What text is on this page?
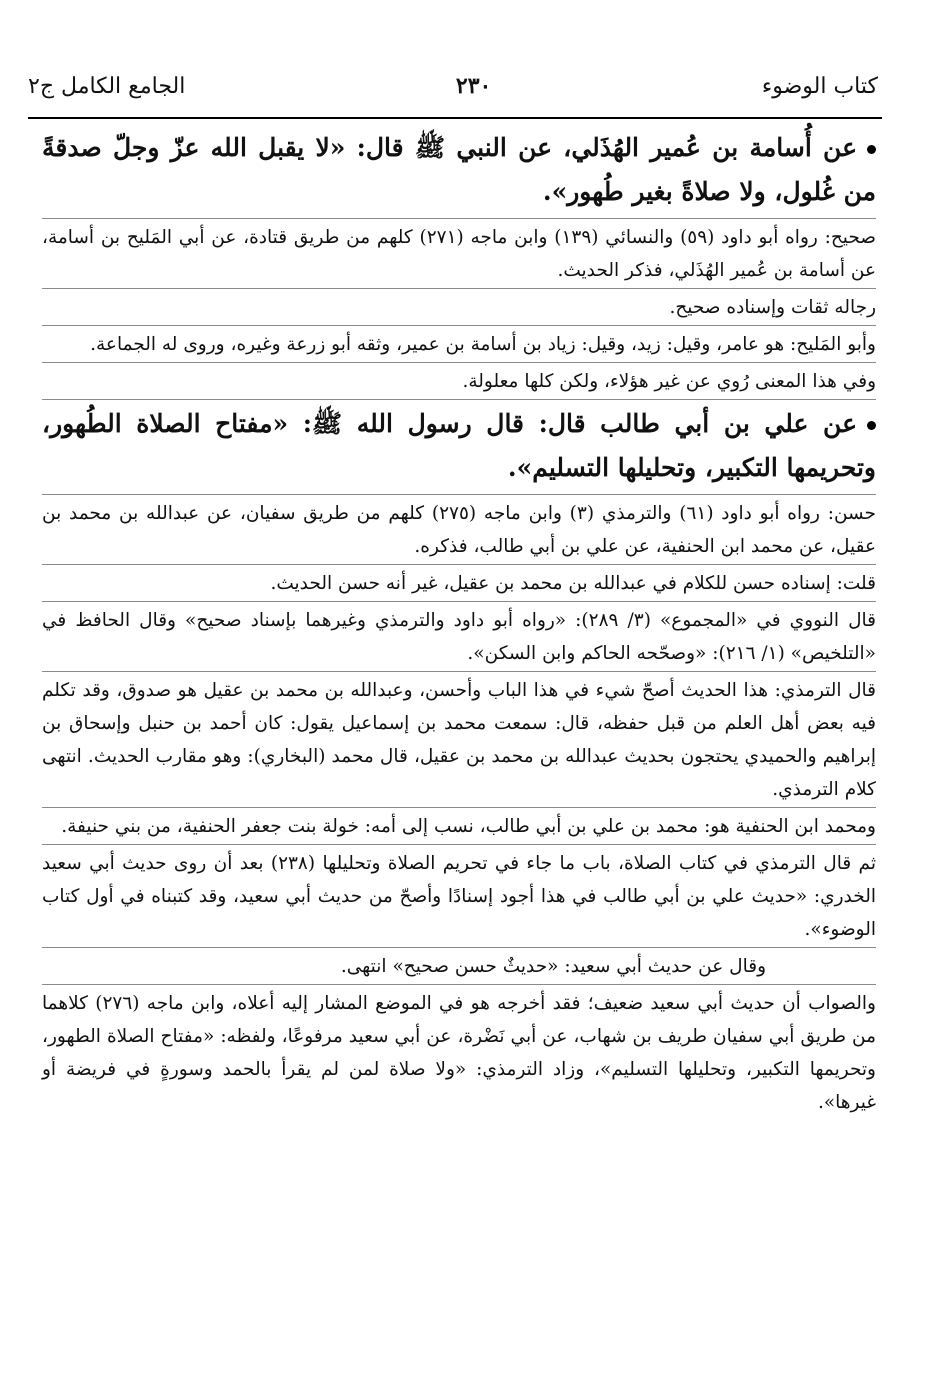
كتاب الوضوء
٢٣٠
الجامع الكامل ج٢

عن أُسامة بن عُمير الهُذَلي، عن النبي ﷺ قال: «لا يقبل الله عزّ وجلّ صدقةً من غُلول، ولا صلاةً بغير طُهور».

صحيح: رواه أبو داود (٥٩) والنسائي (١٣٩) وابن ماجه (٢٧١) كلهم من طريق قتادة، عن أبي المَليح بن أسامة، عن أسامة بن عُمير الهُذَلي، فذكر الحديث.

رجاله ثقات وإسناده صحيح.

وأبو المَليح: هو عامر، وقيل: زيد، وقيل: زياد بن أسامة بن عمير، وثقه أبو زرعة وغيره، وروى له الجماعة.

وفي هذا المعنى رُوي عن غير هؤلاء، ولكن كلها معلولة.

عن علي بن أبي طالب قال: قال رسول الله ﷺ: «مفتاح الصلاة الطُهور، وتحريمها التكبير، وتحليلها التسليم».

حسن: رواه أبو داود (٦١) والترمذي (٣) وابن ماجه (٢٧٥) كلهم من طريق سفيان، عن عبدالله بن محمد بن عقيل، عن محمد ابن الحنفية، عن علي بن أبي طالب، فذكره.

قلت: إسناده حسن للكلام في عبدالله بن محمد بن عقيل، غير أنه حسن الحديث.

قال النووي في «المجموع» (٣/ ٢٨٩): «رواه أبو داود والترمذي وغيرهما بإسناد صحيح» وقال الحافظ في «التلخيص» (١/ ٢١٦): «وصحّحه الحاكم وابن السكن».

قال الترمذي: هذا الحديث أصحّ شيء في هذا الباب وأحسن، وعبدالله بن محمد بن عقيل هو صدوق، وقد تكلم فيه بعض أهل العلم من قبل حفظه، قال: سمعت محمد بن إسماعيل يقول: كان أحمد بن حنبل وإسحاق بن إبراهيم والحميدي يحتجون بحديث عبدالله بن محمد بن عقيل، قال محمد (البخاري): وهو مقارب الحديث. انتهى كلام الترمذي.

ومحمد ابن الحنفية هو: محمد بن علي بن أبي طالب، نسب إلى أمه: خولة بنت جعفر الحنفية، من بني حنيفة.

ثم قال الترمذي في كتاب الصلاة، باب ما جاء في تحريم الصلاة وتحليلها (٢٣٨) بعد أن روى حديث أبي سعيد الخدري: «حديث علي بن أبي طالب في هذا أجود إسنادًا وأصحّ من حديث أبي سعيد، وقد كتبناه في أول كتاب الوضوء».

وقال عن حديث أبي سعيد: «حديثٌ حسن صحيح» انتهى.

والصواب أن حديث أبي سعيد ضعيف؛ فقد أخرجه هو في الموضع المشار إليه أعلاه، وابن ماجه (٢٧٦) كلاهما من طريق أبي سفيان طريف بن شهاب، عن أبي نَضْرة، عن أبي سعيد مرفوعًا، ولفظه: «مفتاح الصلاة الطهور، وتحريمها التكبير، وتحليلها التسليم»، وزاد الترمذي: «ولا صلاة لمن لم يقرأ بالحمد وسورةٍ في فريضة أو غيرها».
